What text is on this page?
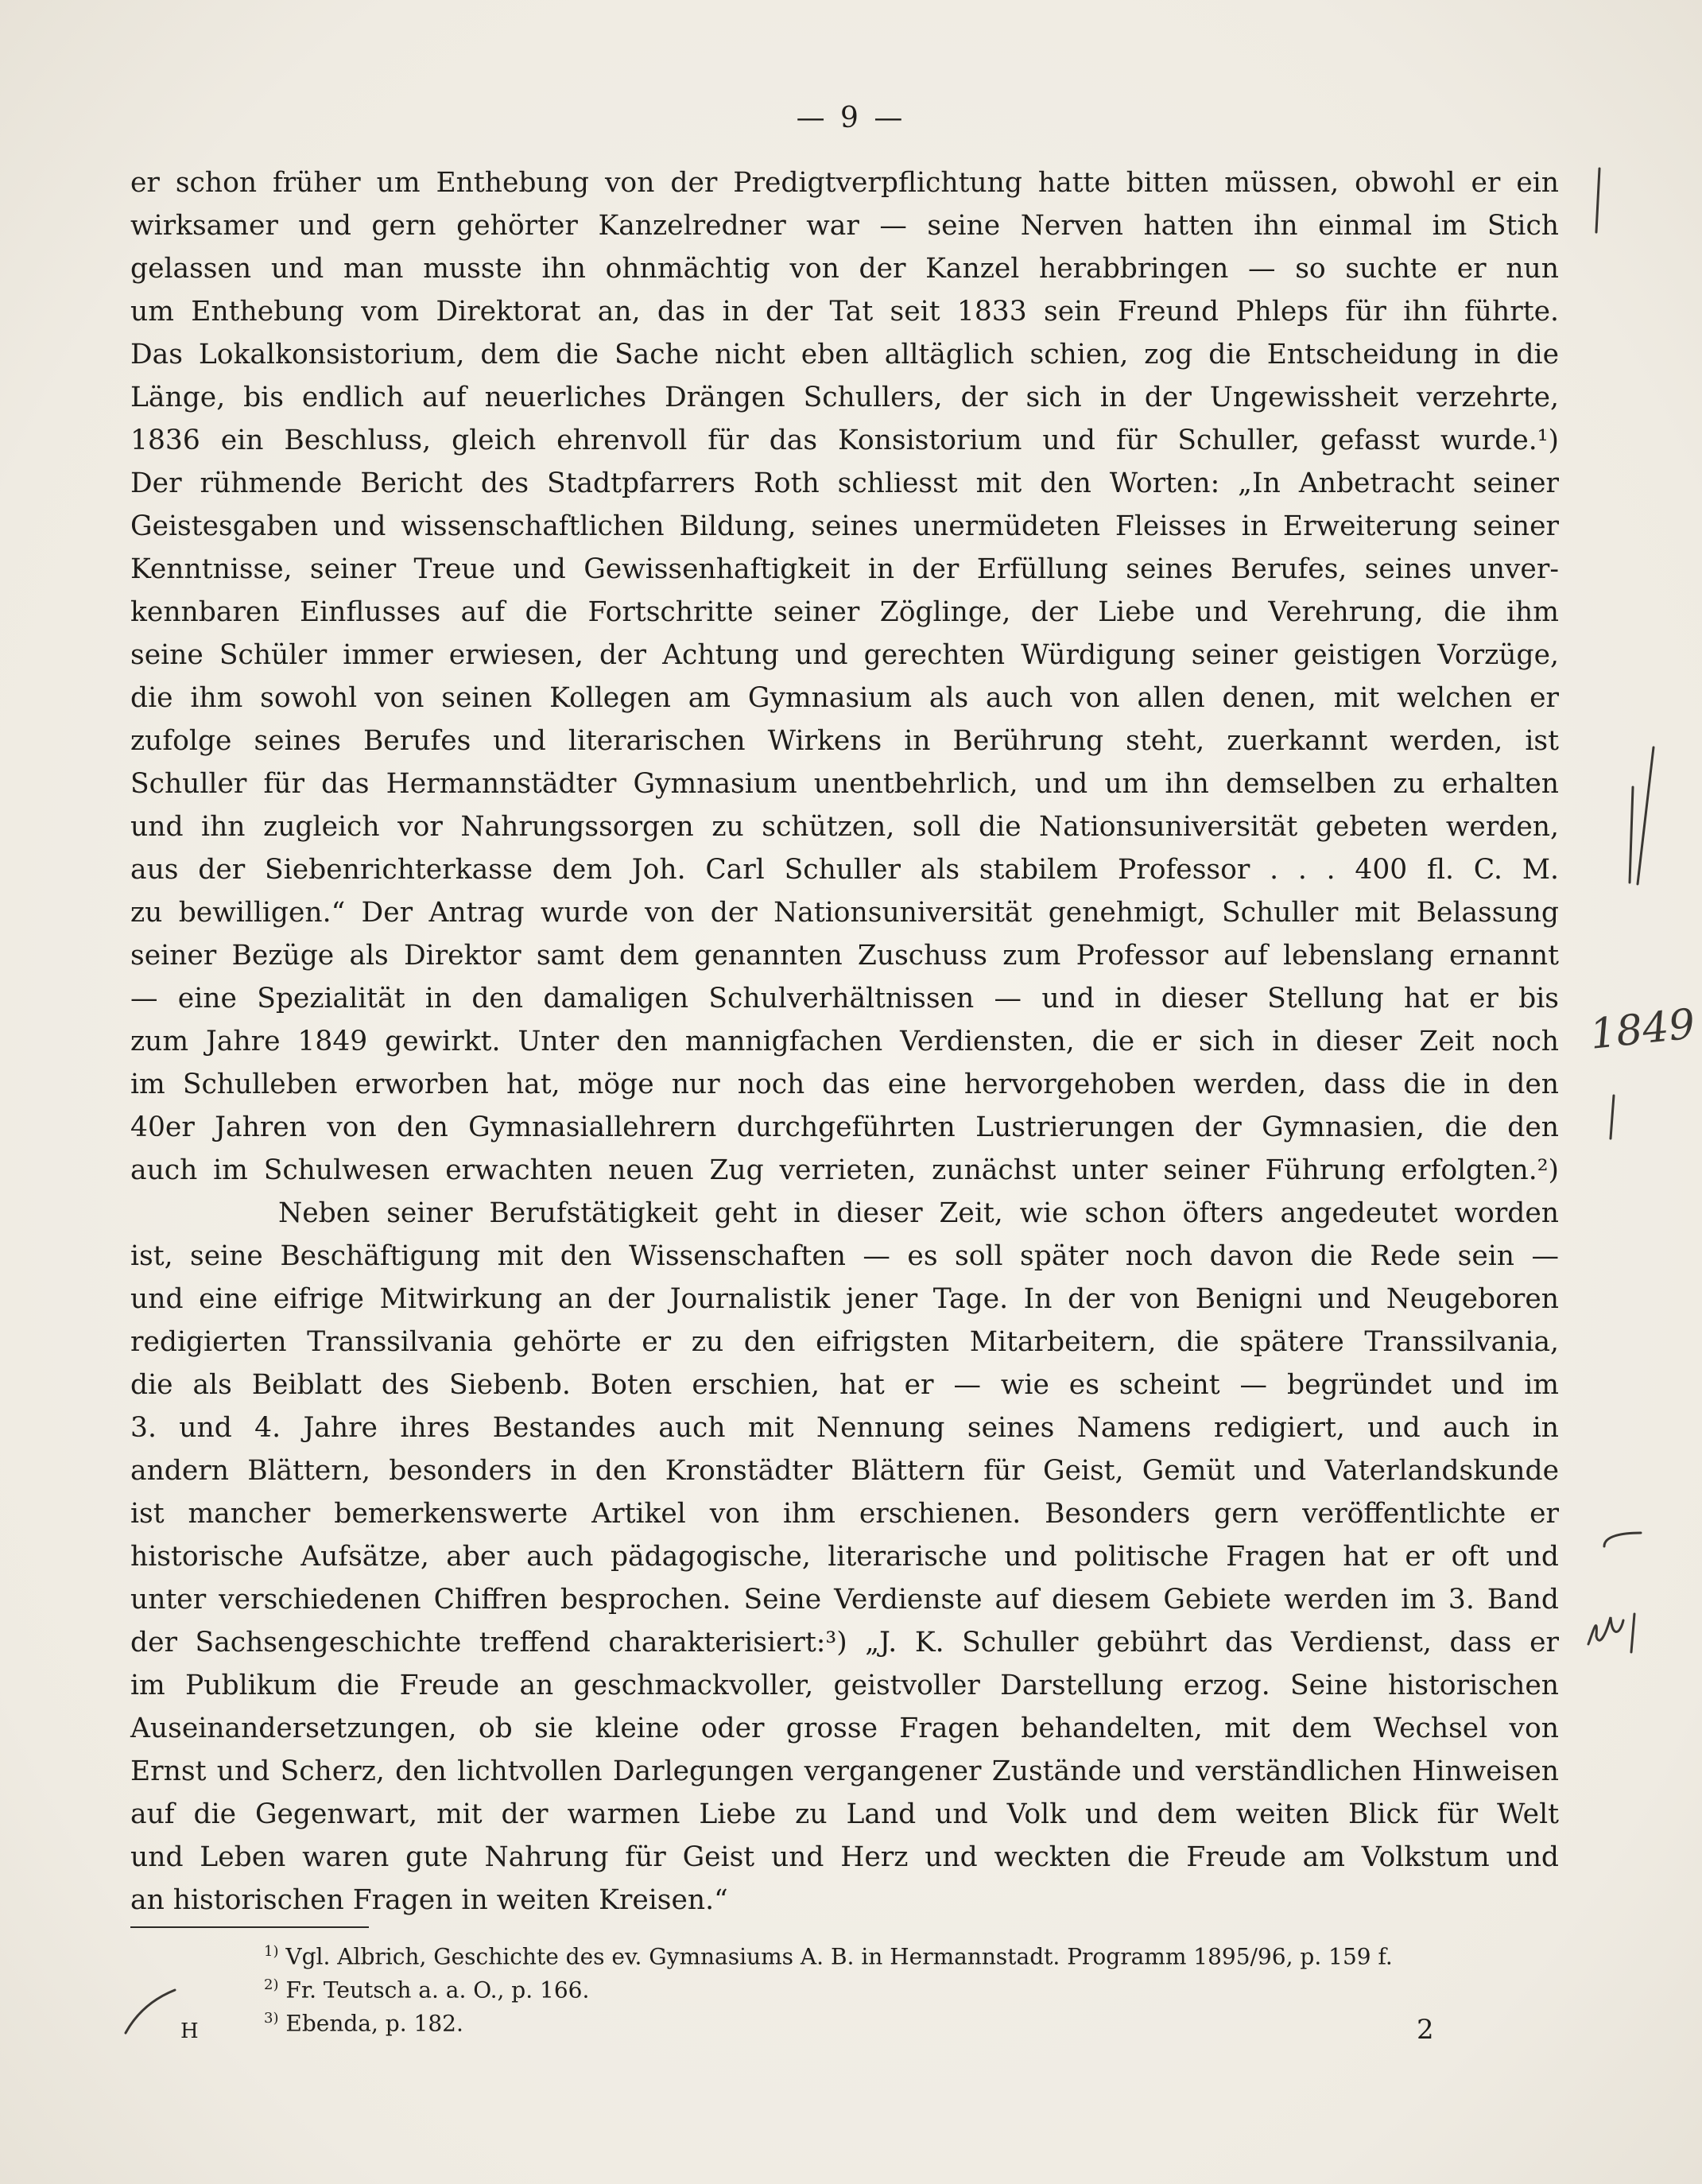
— 9 —
er schon früher um Enthebung von der Predigtverpflichtung hatte bitten müssen, obwohl er ein
wirksamer und gern gehörter Kanzelredner war — seine Nerven hatten ihn einmal im Stich
gelassen und man musste ihn ohnmächtig von der Kanzel herabbringen — so suchte er nun
um Enthebung vom Direktorat an, das in der Tat seit 1833 sein Freund Phleps für ihn führte.
Das Lokalkonsistorium, dem die Sache nicht eben alltäglich schien, zog die Entscheidung in die
Länge, bis endlich auf neuerliches Drängen Schullers, der sich in der Ungewissheit verzehrte,
1836 ein Beschluss, gleich ehrenvoll für das Konsistorium und für Schuller, gefasst wurde.¹)
Der rühmende Bericht des Stadtpfarrers Roth schliesst mit den Worten: „In Anbetracht seiner
Geistesgaben und wissenschaftlichen Bildung, seines unermüdeten Fleisses in Erweiterung seiner
Kenntnisse, seiner Treue und Gewissenhaftigkeit in der Erfüllung seines Berufes, seines unver-
kennbaren Einflusses auf die Fortschritte seiner Zöglinge, der Liebe und Verehrung, die ihm
seine Schüler immer erwiesen, der Achtung und gerechten Würdigung seiner geistigen Vorzüge,
die ihm sowohl von seinen Kollegen am Gymnasium als auch von allen denen, mit welchen er
zufolge seines Berufes und literarischen Wirkens in Berührung steht, zuerkannt werden, ist
Schuller für das Hermannstädter Gymnasium unentbehrlich, und um ihn demselben zu erhalten
und ihn zugleich vor Nahrungssorgen zu schützen, soll die Nationsuniversität gebeten werden,
aus der Siebenrichterkasse dem Joh. Carl Schuller als stabilem Professor . . . 400 fl. C. M.
zu bewilligen.“ Der Antrag wurde von der Nationsuniversität genehmigt, Schuller mit Belassung
seiner Bezüge als Direktor samt dem genannten Zuschuss zum Professor auf lebenslang ernannt
— eine Spezialität in den damaligen Schulverhältnissen — und in dieser Stellung hat er bis
zum Jahre 1849 gewirkt. Unter den mannigfachen Verdiensten, die er sich in dieser Zeit noch
im Schulleben erworben hat, möge nur noch das eine hervorgehoben werden, dass die in den
40er Jahren von den Gymnasiallehrern durchgeführten Lustrierungen der Gymnasien, die den
auch im Schulwesen erwachten neuen Zug verrieten, zunächst unter seiner Führung erfolgten.²)
Neben seiner Berufstätigkeit geht in dieser Zeit, wie schon öfters angedeutet worden
ist, seine Beschäftigung mit den Wissenschaften — es soll später noch davon die Rede sein —
und eine eifrige Mitwirkung an der Journalistik jener Tage. In der von Benigni und Neugeboren
redigierten Transsilvania gehörte er zu den eifrigsten Mitarbeitern, die spätere Transsilvania,
die als Beiblatt des Siebenb. Boten erschien, hat er — wie es scheint — begründet und im
3. und 4. Jahre ihres Bestandes auch mit Nennung seines Namens redigiert, und auch in
andern Blättern, besonders in den Kronstädter Blättern für Geist, Gemüt und Vaterlandskunde
ist mancher bemerkenswerte Artikel von ihm erschienen. Besonders gern veröffentlichte er
historische Aufsätze, aber auch pädagogische, literarische und politische Fragen hat er oft und
unter verschiedenen Chiffren besprochen. Seine Verdienste auf diesem Gebiete werden im 3. Band
der Sachsengeschichte treffend charakterisiert:³) „J. K. Schuller gebührt das Verdienst, dass er
im Publikum die Freude an geschmackvoller, geistvoller Darstellung erzog. Seine historischen
Auseinandersetzungen, ob sie kleine oder grosse Fragen behandelten, mit dem Wechsel von
Ernst und Scherz, den lichtvollen Darlegungen vergangener Zustände und verständlichen Hinweisen
auf die Gegenwart, mit der warmen Liebe zu Land und Volk und dem weiten Blick für Welt
und Leben waren gute Nahrung für Geist und Herz und weckten die Freude am Volkstum und
an historischen Fragen in weiten Kreisen.“
$^{1)}$ Vgl. Albrich, Geschichte des ev. Gymnasiums A. B. in Hermannstadt. Programm 1895/96, p. 159 f.
$^{2)}$ Fr. Teutsch a. a. O., p. 166.
$^{3)}$ Ebenda, p. 182.
H	2
1849
